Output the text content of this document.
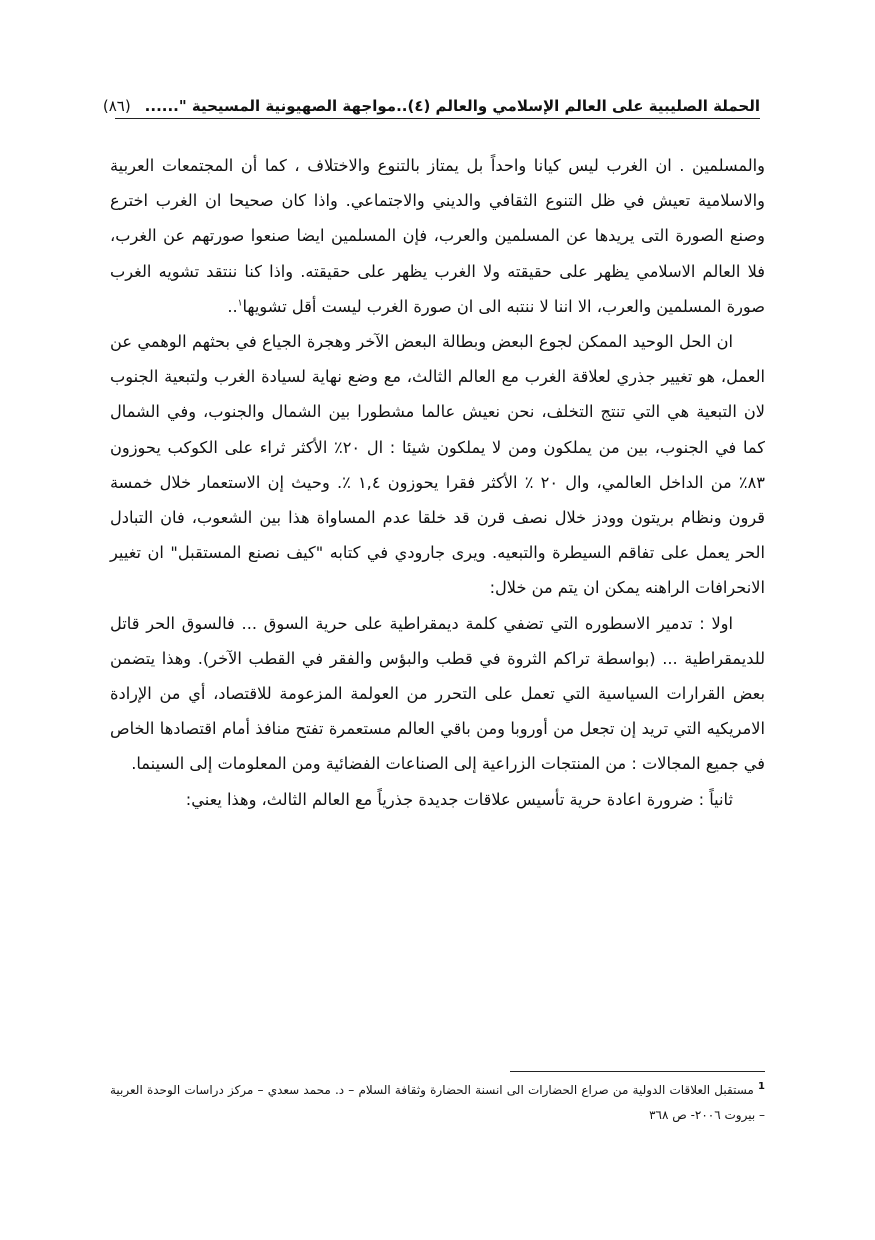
الحملة الصليبية على العالم الإسلامي والعالم (٤)..مواجهة الصهيونية المسيحية "......
(٨٦)

والمسلمين . ان الغرب ليس كيانا واحداً بل يمتاز بالتنوع والاختلاف ، كما أن المجتمعات العربية والاسلامية تعيش في ظل التنوع الثقافي والديني والاجتماعي. واذا كان صحيحا ان الغرب اخترع وصنع الصورة التى يريدها عن المسلمين والعرب، فإن المسلمين ايضا صنعوا صورتهم عن الغرب، فلا العالم الاسلامي يظهر على حقيقته ولا الغرب يظهر على حقيقته. واذا كنا ننتقد تشويه الغرب صورة المسلمين والعرب، الا اننا لا ننتبه الى ان صورة الغرب ليست أقل تشويها$^١$..

ان الحل الوحيد الممكن لجوع البعض وبطالة البعض الآخر وهجرة الجياع في بحثهم الوهمي عن العمل، هو تغيير جذري لعلاقة الغرب مع العالم الثالث، مع وضع نهاية لسيادة الغرب ولتبعية الجنوب لان التبعية هي التي تنتج التخلف، نحن نعيش عالما مشطورا بين الشمال والجنوب، وفي الشمال كما في الجنوب، بين من يملكون ومن لا يملكون شيئا : ال ٢٠٪ الأكثر ثراء على الكوكب يحوزون ٨٣٪ من الداخل العالمي، وال ٢٠ ٪ الأكثر فقرا يحوزون ١,٤ ٪. وحيث إن الاستعمار خلال خمسة قرون ونظام بريتون وودز خلال نصف قرن قد خلقا عدم المساواة هذا بين الشعوب، فان التبادل الحر يعمل على تفاقم السيطرة والتبعيه. ويرى جارودي في كتابه "كيف نصنع المستقبل" ان تغيير الانحرافات الراهنه يمكن ان يتم من خلال:

اولا : تدمير الاسطوره التي تضفي كلمة ديمقراطية على حرية السوق ... فالسوق الحر قاتل للديمقراطية ... (بواسطة تراكم الثروة في قطب والبؤس والفقر في القطب الآخر). وهذا يتضمن بعض القرارات السياسية التي تعمل على التحرر من العولمة المزعومة للاقتصاد، أي من الإرادة الامريكيه التي تريد إن تجعل من أوروبا ومن باقي العالم مستعمرة تفتح منافذ أمام اقتصادها الخاص في جميع المجالات : من المنتجات الزراعية إلى الصناعات الفضائية ومن المعلومات إلى السينما.

ثانياً : ضرورة اعادة حرية تأسيس علاقات جديدة جذرياً مع العالم الثالث، وهذا يعني:

$^1$ مستقبل العلاقات الدولية من صراع الحضارات الى انسنة الحضارة وثقافة السلام – د. محمد سعدي – مركز دراسات الوحدة العربية – بيروت ٢٠٠٦- ص ٣٦٨
